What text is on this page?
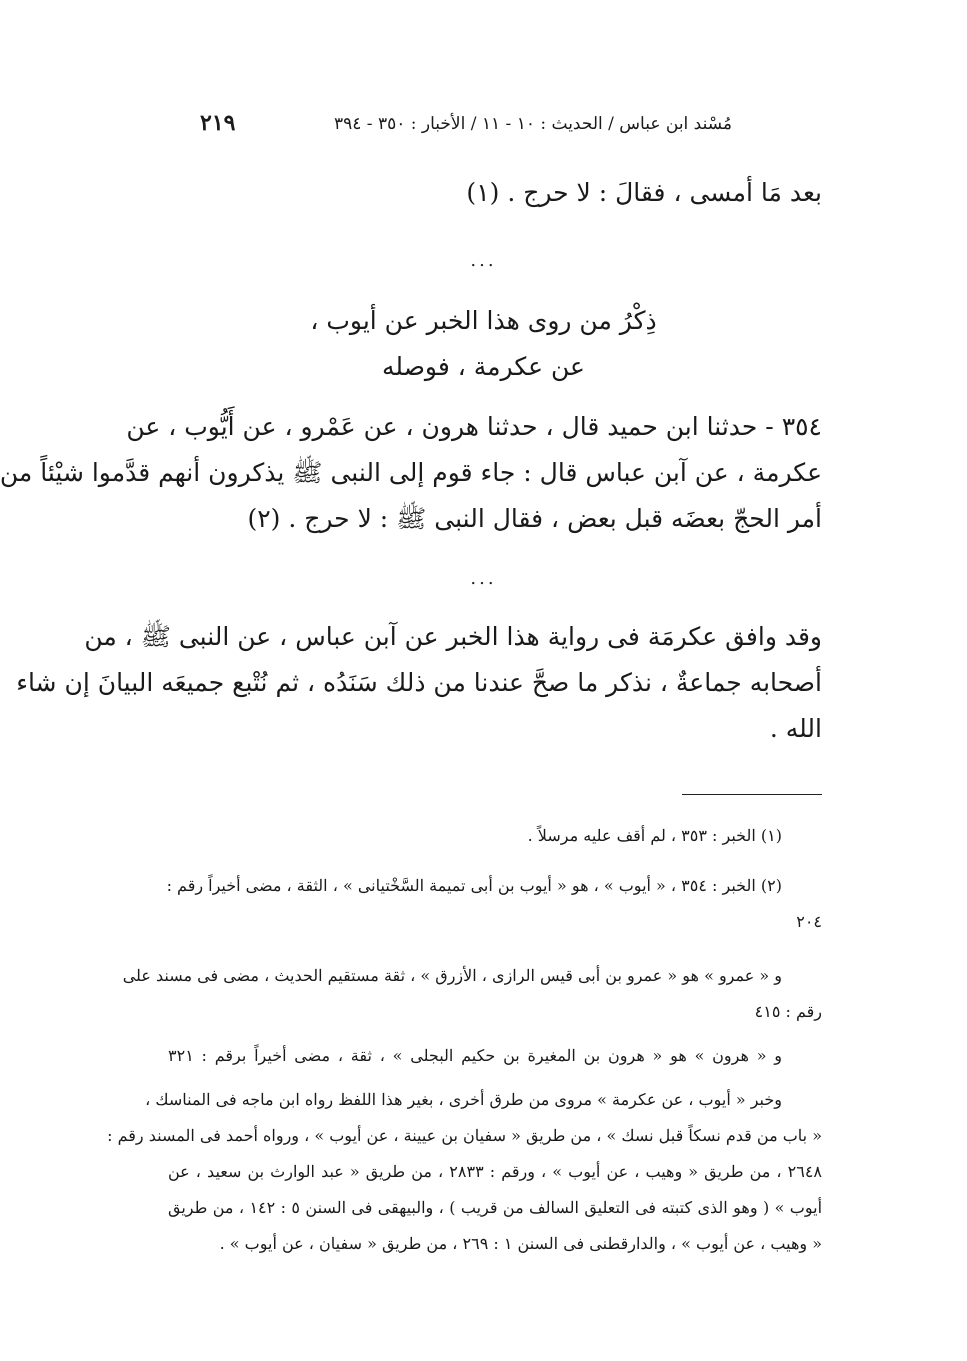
٢١٩	مُسْند ابن عباس / الحديث : ١٠ - ١١ / الأخبار : ٣٥٠ - ٣٩٤
بعد مَا أمسى ، فقالَ : لا حرج . (١)
...
ذِكْرُ من روى هذا الخبر عن أيوب ،
عن عكرمة ، فوصله
٣٥٤ - حدثنا ابن حميد قال ، حدثنا هرون ، عن عَمْرو ، عن أَيُّوب ، عن
عكرمة ، عن آبن عباس قال : جاء قوم إلى النبى ﷺ يذكرون أنهم قدَّموا شيْئاً من
أمر الحجّ بعضَه قبل بعض ، فقال النبى ﷺ : لا حرج . (٢)
...
وقد وافق عكرمَة فى رواية هذا الخبر عن آبن عباس ، عن النبى ﷺ ، من
أصحابه جماعةٌ ، نذكر ما صحَّ عندنا من ذلك سَنَدُه ، ثم نُتْبع جميعَه البيانَ إن شاء
الله .
(١) الخبر : ٣٥٣ ، لم أقف عليه مرسلاً .
(٢) الخبر : ٣٥٤ ، « أيوب » ، هو « أيوب بن أبى تميمة السَّخْتيانى » ، الثقة ، مضى أخيراً رقم :
٢٠٤
و « عمرو » هو « عمرو بن أبى قيس الرازى ، الأزرق » ، ثقة مستقيم الحديث ، مضى فى مسند على
رقم : ٤١٥
و « هرون » هو « هرون بن المغيرة بن حكيم البجلى » ، ثقة ، مضى أخيراً برقم : ٣٢١
وخبر « أيوب ، عن عكرمة » مروى من طرق أخرى ، بغير هذا اللفظ رواه ابن ماجه فى المناسك ،
« باب من قدم نسكاً قبل نسك » ، من طريق « سفيان بن عيينة ، عن أيوب » ، ورواه أحمد فى المسند رقم :
٢٦٤٨ ، من طريق « وهيب ، عن أيوب » ، ورقم : ٢٨٣٣ ، من طريق « عبد الوارث بن سعيد ، عن
أيوب » ( وهو الذى كتبته فى التعليق السالف من قريب ) ، والبيهقى فى السنن ٥ : ١٤٢ ، من طريق
« وهيب ، عن أيوب » ، والدارقطنى فى السنن ١ : ٢٦٩ ، من طريق « سفيان ، عن أيوب » .
